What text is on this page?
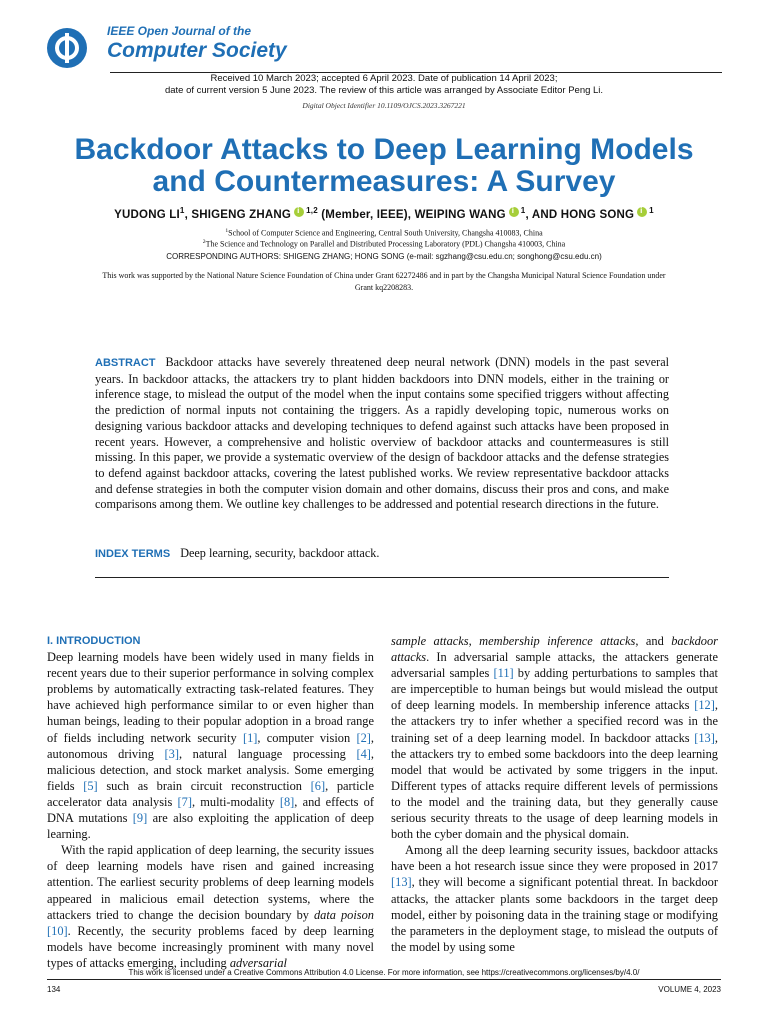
IEEE Open Journal of the
Computer Society
Received 10 March 2023; accepted 6 April 2023. Date of publication 14 April 2023;
date of current version 5 June 2023. The review of this article was arranged by Associate Editor Peng Li.
Digital Object Identifier 10.1109/OJCS.2023.3267221
Backdoor Attacks to Deep Learning Models
and Countermeasures: A Survey
YUDONG $LI^1$, SHIGENG ZHANG i $^{1,2}$ (Member, IEEE), WEIPING WANG i $^1$, AND HONG SONG i $^1$
$^1$School of Computer Science and Engineering, Central South University, Changsha 410083, China
$^2$The Science and Technology on Parallel and Distributed Processing Laboratory (PDL) Changsha 410003, China
CORRESPONDING AUTHORS: SHIGENG ZHANG; HONG SONG (e-mail: sgzhang@csu.edu.cn; songhong@csu.edu.cn)
This work was supported by the National Nature Science Foundation of China under Grant 62272486 and in part by the Changsha Municipal Natural Science Foundation under Grant kq2208283.
ABSTRACT Backdoor attacks have severely threatened deep neural network (DNN) models in the past several years. In backdoor attacks, the attackers try to plant hidden backdoors into DNN models, either in the training or inference stage, to mislead the output of the model when the input contains some specified triggers without affecting the prediction of normal inputs not containing the triggers. As a rapidly developing topic, numerous works on designing various backdoor attacks and developing techniques to defend against such attacks have been proposed in recent years. However, a comprehensive and holistic overview of backdoor attacks and countermeasures is still missing. In this paper, we provide a systematic overview of the design of backdoor attacks and the defense strategies to defend against backdoor attacks, covering the latest published works. We review representative backdoor attacks and defense strategies in both the computer vision domain and other domains, discuss their pros and cons, and make comparisons among them. We outline key challenges to be addressed and potential research directions in the future.
INDEX TERMS Deep learning, security, backdoor attack.
I. INTRODUCTION

Deep learning models have been widely used in many fields in recent years due to their superior performance in solving complex problems by automatically extracting task-related features. They have achieved high performance similar to or even higher than human beings, leading to their popular adoption in a broad range of fields including network security [1], computer vision [2], autonomous driving [3], natural language processing [4], malicious detection, and stock market analysis. Some emerging fields [5] such as brain circuit reconstruction [6], particle accelerator data analysis [7], multi-modality [8], and effects of DNA mutations [9] are also exploiting the application of deep learning.

With the rapid application of deep learning, the security issues of deep learning models have risen and gained increasing attention. The earliest security problems of deep learning models appeared in malicious email detection systems, where the attackers tried to change the decision boundary by data poison [10]. Recently, the security problems faced by deep learning models have become increasingly prominent with many novel types of attacks emerging, including adversarial

sample attacks, membership inference attacks, and backdoor attacks. In adversarial sample attacks, the attackers generate adversarial samples [11] by adding perturbations to samples that are imperceptible to human beings but would mislead the output of deep learning models. In membership inference attacks [12], the attackers try to infer whether a specified record was in the training set of a deep learning model. In backdoor attacks [13], the attackers try to embed some backdoors into the deep learning model that would be activated by some triggers in the input. Different types of attacks require different levels of permissions to the model and the training data, but they generally cause serious security threats to the usage of deep learning models in both the cyber domain and the physical domain.

Among all the deep learning security issues, backdoor attacks have been a hot research issue since they were proposed in 2017 [13], they will become a significant potential threat. In backdoor attacks, the attacker plants some backdoors in the target deep model, either by poisoning data in the training stage or modifying the parameters in the deployment stage, to mislead the outputs of the model by using some

This work is licensed under a Creative Commons Attribution 4.0 License. For more information, see https://creativecommons.org/licenses/by/4.0/
134	VOLUME 4, 2023
